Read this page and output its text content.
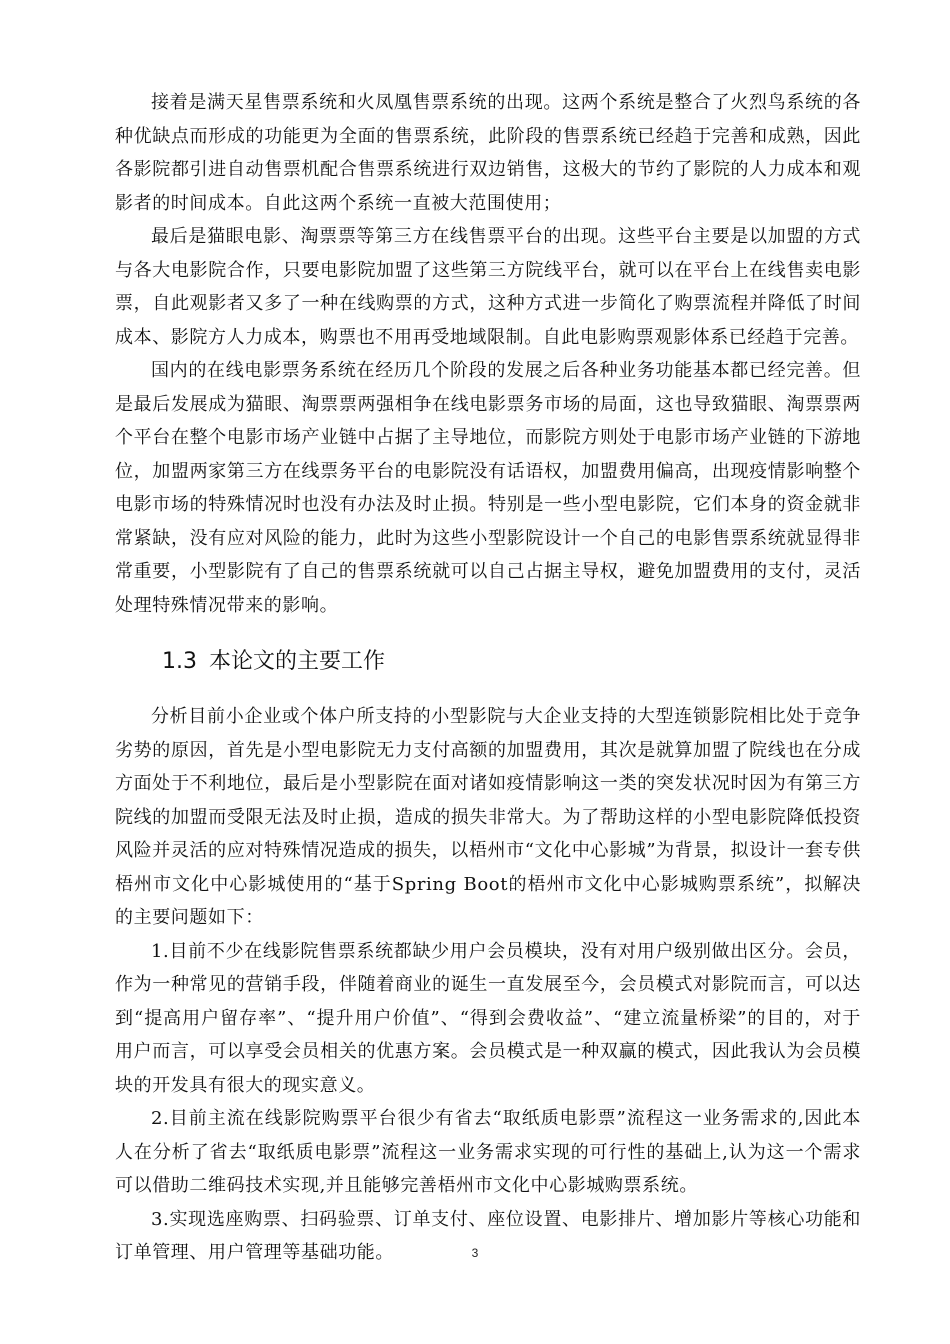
接着是满天星售票系统和火凤凰售票系统的出现。这两个系统是整合了火烈鸟系统的各种优缺点而形成的功能更为全面的售票系统，此阶段的售票系统已经趋于完善和成熟，因此各影院都引进自动售票机配合售票系统进行双边销售，这极大的节约了影院的人力成本和观影者的时间成本。自此这两个系统一直被大范围使用；

最后是猫眼电影、淘票票等第三方在线售票平台的出现。这些平台主要是以加盟的方式与各大电影院合作，只要电影院加盟了这些第三方院线平台，就可以在平台上在线售卖电影票，自此观影者又多了一种在线购票的方式，这种方式进一步简化了购票流程并降低了时间成本、影院方人力成本，购票也不用再受地域限制。自此电影购票观影体系已经趋于完善。

国内的在线电影票务系统在经历几个阶段的发展之后各种业务功能基本都已经完善。但是最后发展成为猫眼、淘票票两强相争在线电影票务市场的局面，这也导致猫眼、淘票票两个平台在整个电影市场产业链中占据了主导地位，而影院方则处于电影市场产业链的下游地位，加盟两家第三方在线票务平台的电影院没有话语权，加盟费用偏高，出现疫情影响整个电影市场的特殊情况时也没有办法及时止损。特别是一些小型电影院，它们本身的资金就非常紧缺，没有应对风险的能力，此时为这些小型影院设计一个自己的电影售票系统就显得非常重要，小型影院有了自己的售票系统就可以自己占据主导权，避免加盟费用的支付，灵活处理特殊情况带来的影响。

1.3 本论文的主要工作

分析目前小企业或个体户所支持的小型影院与大企业支持的大型连锁影院相比处于竞争劣势的原因，首先是小型电影院无力支付高额的加盟费用，其次是就算加盟了院线也在分成方面处于不利地位，最后是小型影院在面对诸如疫情影响这一类的突发状况时因为有第三方院线的加盟而受限无法及时止损，造成的损失非常大。为了帮助这样的小型电影院降低投资风险并灵活的应对特殊情况造成的损失，以梧州市“文化中心影城”为背景，拟设计一套专供梧州市文化中心影城使用的“基于Spring Boot的梧州市文化中心影城购票系统”，拟解决的主要问题如下：

1.目前不少在线影院售票系统都缺少用户会员模块，没有对用户级别做出区分。会员，作为一种常见的营销手段，伴随着商业的诞生一直发展至今，会员模式对影院而言，可以达到“提高用户留存率”、“提升用户价值”、“得到会费收益”、“建立流量桥梁”的目的，对于用户而言，可以享受会员相关的优惠方案。会员模式是一种双赢的模式，因此我认为会员模块的开发具有很大的现实意义。

2.目前主流在线影院购票平台很少有省去“取纸质电影票”流程这一业务需求的,因此本人在分析了省去“取纸质电影票”流程这一业务需求实现的可行性的基础上,认为这一个需求可以借助二维码技术实现,并且能够完善梧州市文化中心影城购票系统。

3.实现选座购票、扫码验票、订单支付、座位设置、电影排片、增加影片等核心功能和订单管理、用户管理等基础功能。	3
